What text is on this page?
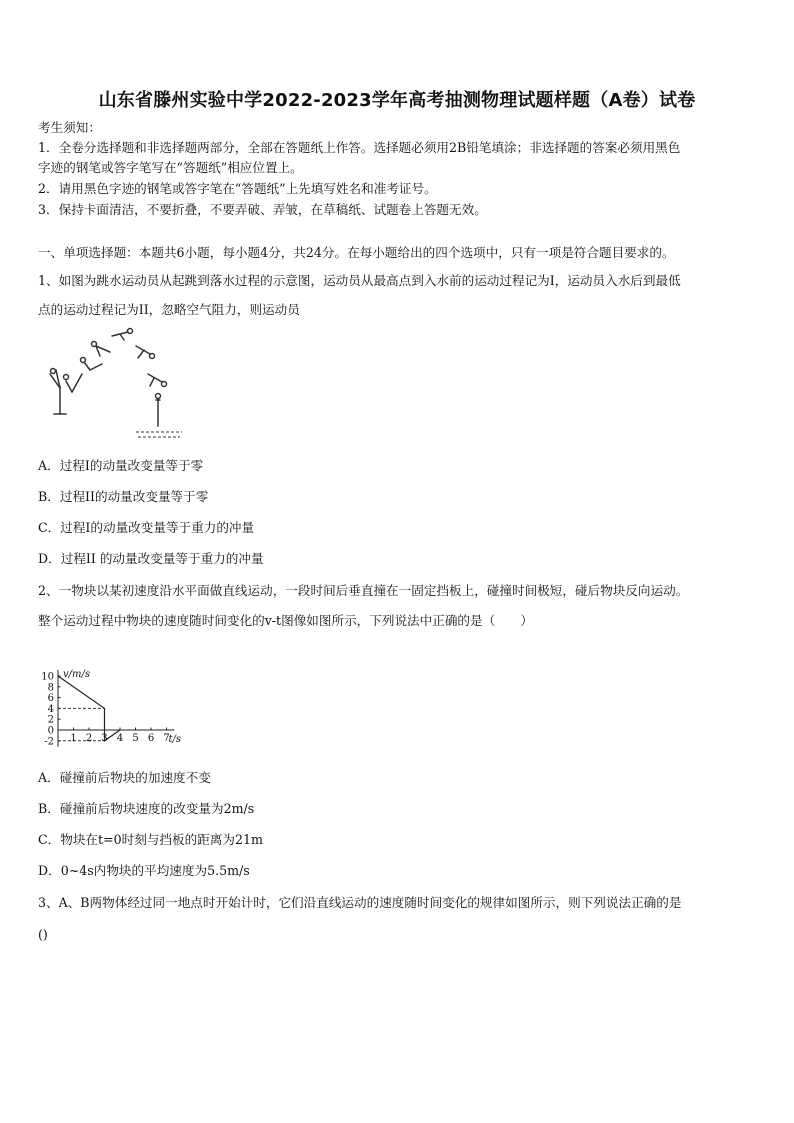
山东省滕州实验中学2022-2023学年高考抽测物理试题样题（A卷）试卷
考生须知：
1．全卷分选择题和非选择题两部分，全部在答题纸上作答。选择题必须用2B铅笔填涂；非选择题的答案必须用黑色
字迹的钢笔或答字笔写在“答题纸”相应位置上。
2．请用黑色字迹的钢笔或答字笔在“答题纸”上先填写姓名和准考证号。
3．保持卡面清洁，不要折叠，不要弄破、弄皱，在草稿纸、试题卷上答题无效。
一、单项选择题：本题共6小题，每小题4分，共24分。在每小题给出的四个选项中，只有一项是符合题目要求的。
1、如图为跳水运动员从起跳到落水过程的示意图，运动员从最高点到入水前的运动过程记为I，运动员入水后到最低
点的运动过程记为II，忽略空气阻力，则运动员
A．过程I的动量改变量等于零
B．过程II的动量改变量等于零
C．过程I的动量改变量等于重力的冲量
D．过程II 的动量改变量等于重力的冲量
2、一物块以某初速度沿水平面做直线运动，一段时间后垂直撞在一固定挡板上，碰撞时间极短，碰后物块反向运动。
整个运动过程中物块的速度随时间变化的v-t图像如图所示，下列说法中正确的是（　　）
1 2 3 4 5 6 7
10
8
6
4
2
0
-2
v/m/s
t/s
A．碰撞前后物块的加速度不变
B．碰撞前后物块速度的改变量为2m/s
C．物块在t=0时刻与挡板的距离为21m
D．0~4s内物块的平均速度为5.5m/s
3、A、B两物体经过同一地点时开始计时，它们沿直线运动的速度随时间变化的规律如图所示，则下列说法正确的是
()
